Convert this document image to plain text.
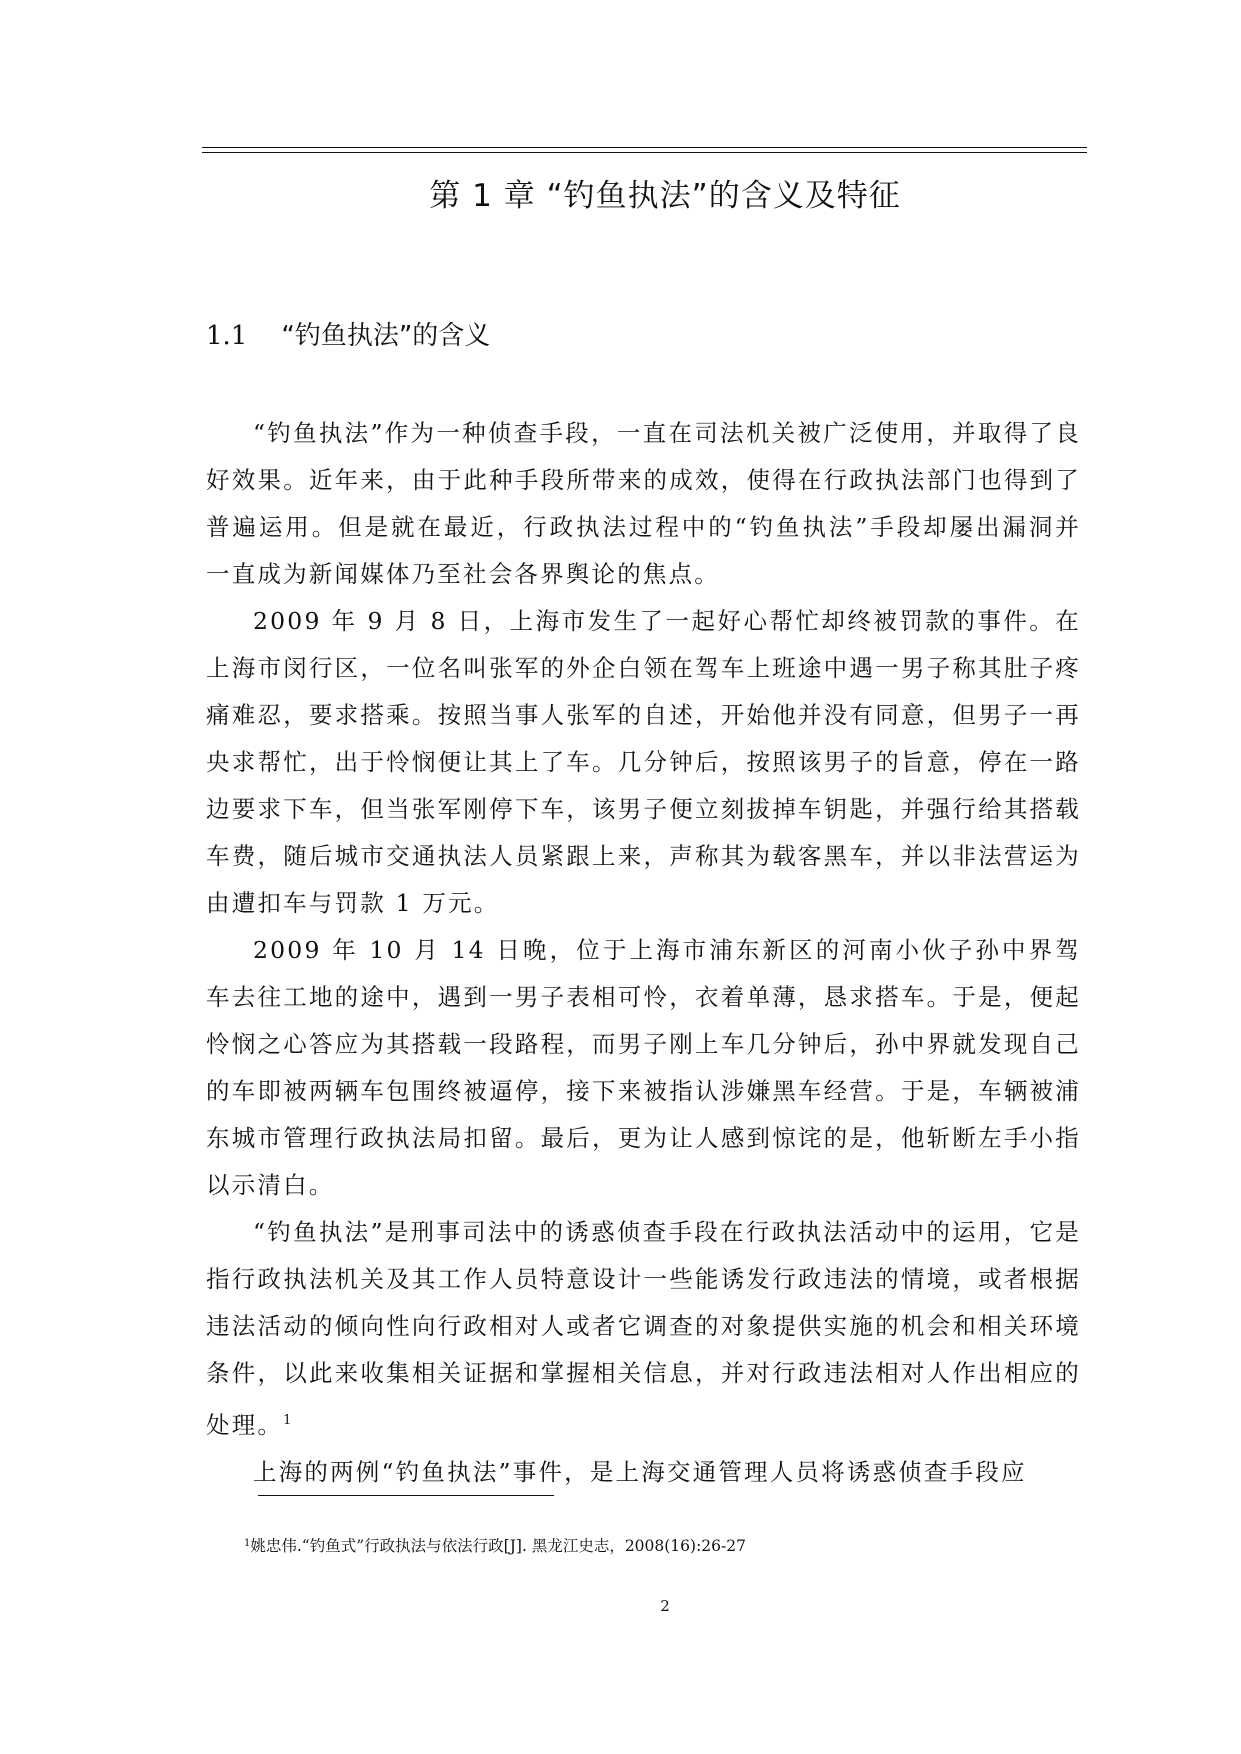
第 1 章 “钓鱼执法”的含义及特征
1.1 “钓鱼执法”的含义

“钓鱼执法”作为一种侦查手段，一直在司法机关被广泛使用，并取得了良好效果。近年来，由于此种手段所带来的成效，使得在行政执法部门也得到了普遍运用。但是就在最近，行政执法过程中的“钓鱼执法”手段却屡出漏洞并一直成为新闻媒体乃至社会各界舆论的焦点。

2009 年 9 月 8 日，上海市发生了一起好心帮忙却终被罚款的事件。在上海市闵行区，一位名叫张军的外企白领在驾车上班途中遇一男子称其肚子疼痛难忍，要求搭乘。按照当事人张军的自述，开始他并没有同意，但男子一再央求帮忙，出于怜悯便让其上了车。几分钟后，按照该男子的旨意，停在一路边要求下车，但当张军刚停下车，该男子便立刻拔掉车钥匙，并强行给其搭载车费，随后城市交通执法人员紧跟上来，声称其为载客黑车，并以非法营运为由遭扣车与罚款 1 万元。

2009 年 10 月 14 日晚，位于上海市浦东新区的河南小伙子孙中界驾车去往工地的途中，遇到一男子表相可怜，衣着单薄，恳求搭车。于是，便起怜悯之心答应为其搭载一段路程，而男子刚上车几分钟后，孙中界就发现自己的车即被两辆车包围终被逼停，接下来被指认涉嫌黑车经营。于是，车辆被浦东城市管理行政执法局扣留。最后，更为让人感到惊诧的是，他斩断左手小指以示清白。

“钓鱼执法”是刑事司法中的诱惑侦查手段在行政执法活动中的运用，它是指行政执法机关及其工作人员特意设计一些能诱发行政违法的情境，或者根据违法活动的倾向性向行政相对人或者它调查的对象提供实施的机会和相关环境条件，以此来收集相关证据和掌握相关信息，并对行政违法相对人作出相应的处理。$^1$

上海的两例“钓鱼执法”事件，是上海交通管理人员将诱惑侦查手段应

$^1$姚忠伟.“钓鱼式”行政执法与依法行政[J]. 黑龙江史志，2008(16):26-27
2
